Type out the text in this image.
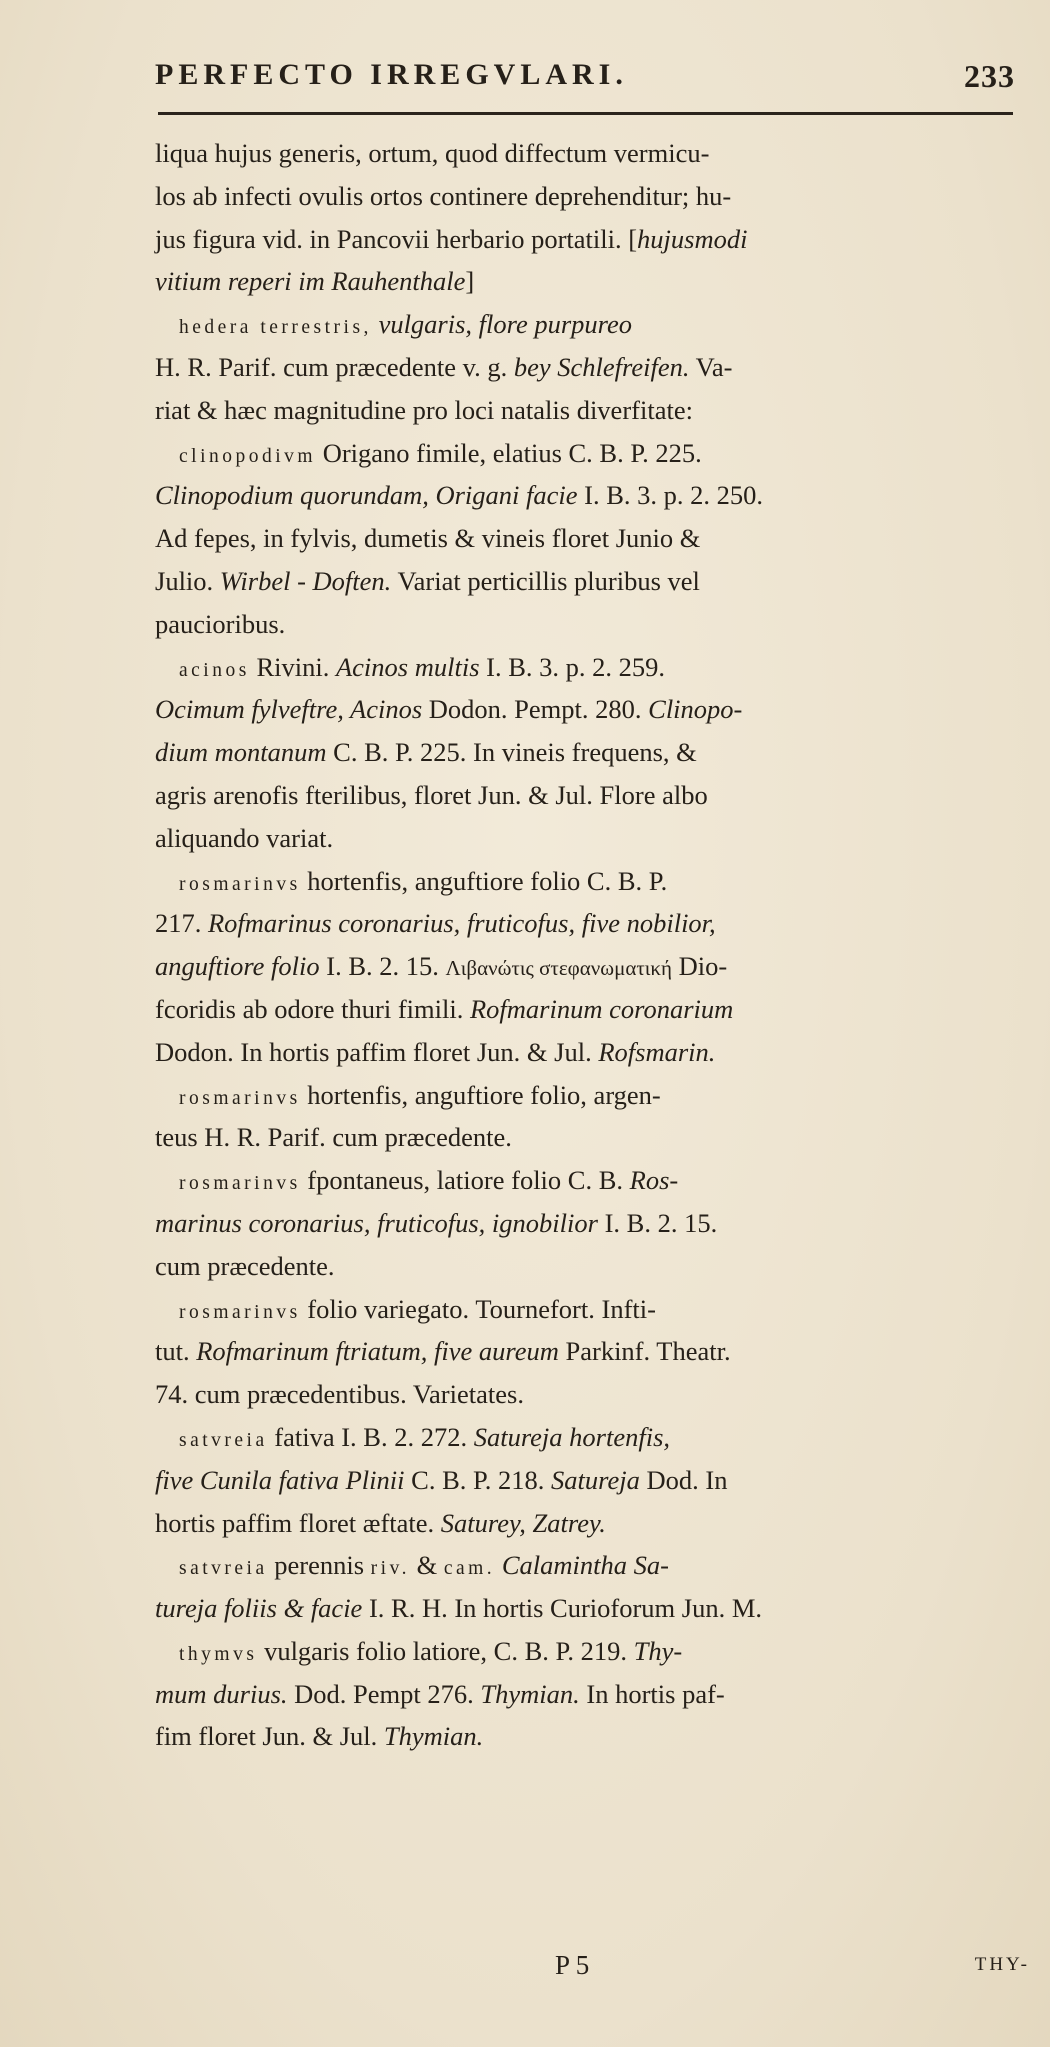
PERFECTO IRREGVLARI.	233
liqua hujus generis, ortum, quod diffectum vermicu-
los ab infecti ovulis ortos continere deprehenditur; hu-
jus figura vid. in Pancovii herbario portatili. [hujusmodi
vitium reperi im Rauhenthale]
hedera terrestris, vulgaris, flore purpureo
H. R. Parif. cum præcedente v. g. bey Schlefreifen. Va-
riat & hæc magnitudine pro loci natalis diverfitate:
clinopodivm Origano fimile, elatius C. B. P. 225.
Clinopodium quorundam, Origani facie I. B. 3. p. 2. 250.
Ad fepes, in fylvis, dumetis & vineis floret Junio &
Julio. Wirbel - Doften. Variat perticillis pluribus vel
paucioribus.
acinos Rivini. Acinos multis I. B. 3. p. 2. 259.
Ocimum fylveftre, Acinos Dodon. Pempt. 280. Clinopo-
dium montanum C. B. P. 225. In vineis frequens, &
agris arenofis fterilibus, floret Jun. & Jul. Flore albo
aliquando variat.
rosmarinvs hortenfis, anguftiore folio C. B. P.
217. Rofmarinus coronarius, fruticofus, five nobilior,
anguftiore folio I. B. 2. 15. Λιβανώτις στεφανωματική Dio-
fcoridis ab odore thuri fimili. Rofmarinum coronarium
Dodon. In hortis paffim floret Jun. & Jul. Rofsmarin.
rosmarinvs hortenfis, anguftiore folio, argen-
teus H. R. Parif. cum præcedente.
rosmarinvs fpontaneus, latiore folio C. B. Ros-
marinus coronarius, fruticofus, ignobilior I. B. 2. 15.
cum præcedente.
rosmarinvs folio variegato. Tournefort. Infti-
tut. Rofmarinum ftriatum, five aureum Parkinf. Theatr.
74. cum præcedentibus. Varietates.
satvreia fativa I. B. 2. 272. Satureja hortenfis,
five Cunila fativa Plinii C. B. P. 218. Satureja Dod. In
hortis paffim floret æftate. Saturey, Zatrey.
satvreia perennis riv. & cam. Calamintha Sa-
tureja foliis & facie I. R. H. In hortis Curioforum Jun. M.
thymvs vulgaris folio latiore, C. B. P. 219. Thy-
mum durius. Dod. Pempt 276. Thymian. In hortis paf-
fim floret Jun. & Jul. Thymian.
P 5	THY-
